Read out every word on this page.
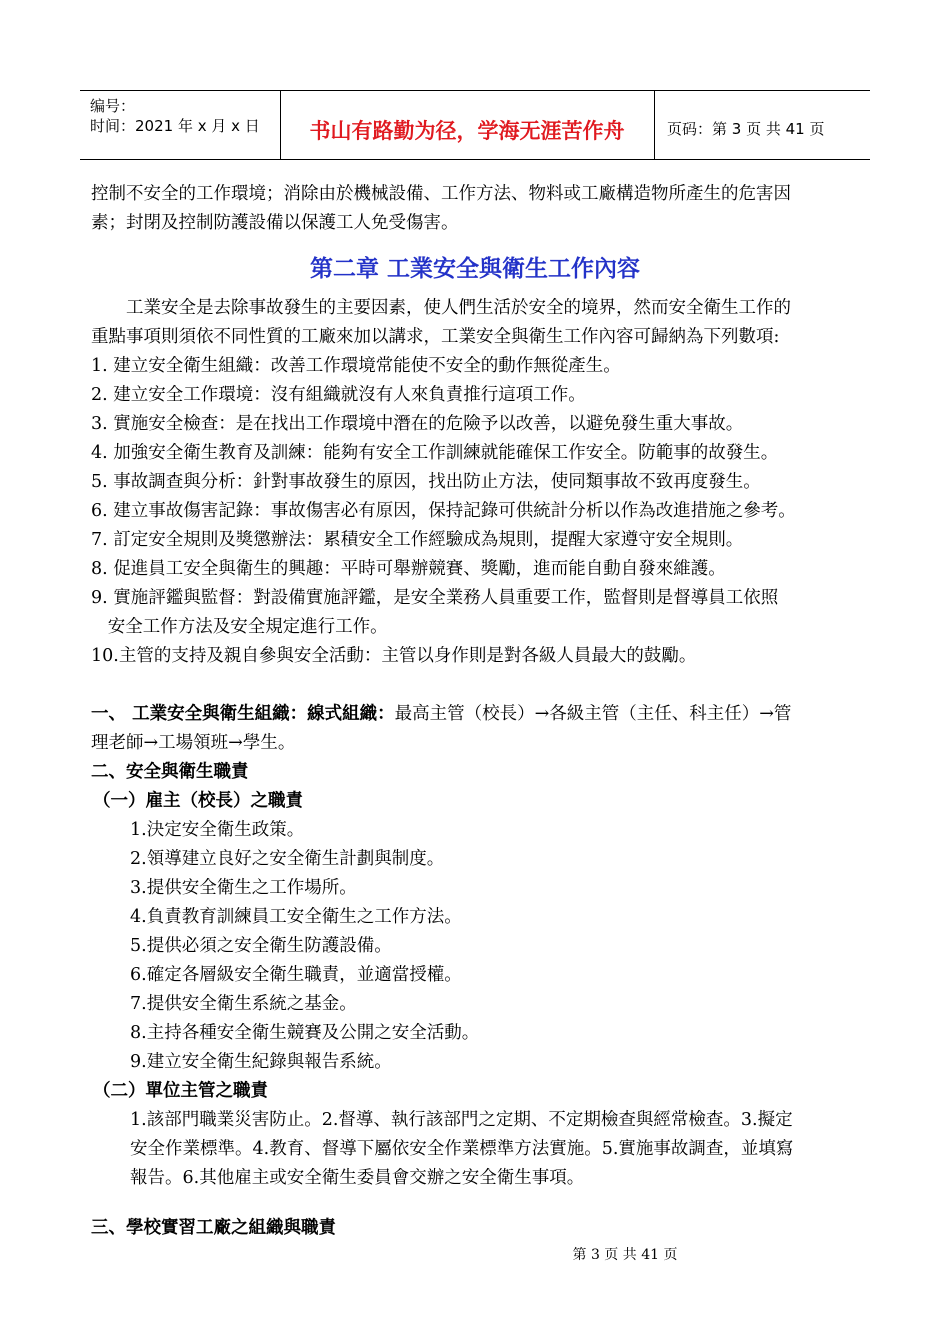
编号：
时间：2021 年 x 月 x 日	书山有路勤为径，学海无涯苦作舟	页码：第 3 页 共 41 页

控制不安全的工作環境；消除由於機械設備、工作方法、物料或工廠構造物所產生的危害因

素；封閉及控制防護設備以保護工人免受傷害。

第二章 工業安全與衛生工作內容

工業安全是去除事故發生的主要因素，使人們生活於安全的境界，然而安全衛生工作的

重點事項則須依不同性質的工廠來加以講求，工業安全與衛生工作內容可歸納為下列數項:

1. 建立安全衛生組織：改善工作環境常能使不安全的動作無從產生。

2. 建立安全工作環境：沒有組織就沒有人來負責推行這項工作。

3. 實施安全檢查：是在找出工作環境中潛在的危險予以改善，以避免發生重大事故。

4. 加強安全衛生教育及訓練：能夠有安全工作訓練就能確保工作安全。防範事的故發生。

5. 事故調查與分析：針對事故發生的原因，找出防止方法，使同類事故不致再度發生。

6. 建立事故傷害記錄：事故傷害必有原因，保持記錄可供統計分析以作為改進措施之參考。

7. 訂定安全規則及獎懲辦法：累積安全工作經驗成為規則，提醒大家遵守安全規則。

8. 促進員工安全與衛生的興趣：平時可舉辦競賽、獎勵，進而能自動自發來維護。

9. 實施評鑑與監督：對設備實施評鑑，是安全業務人員重要工作，監督則是督導員工依照

安全工作方法及安全規定進行工作。

10.主管的支持及親自參與安全活動：主管以身作則是對各級人員最大的鼓勵。

一、 工業安全與衛生組織：線式組織：最高主管（校長）→各級主管（主任、科主任）→管

理老師→工場領班→學生。

二、安全與衛生職責

（一）雇主（校長）之職責

1.決定安全衛生政策。

2.領導建立良好之安全衛生計劃與制度。

3.提供安全衛生之工作場所。

4.負責教育訓練員工安全衛生之工作方法。

5.提供必須之安全衛生防護設備。

6.確定各層級安全衛生職責，並適當授權。

7.提供安全衛生系統之基金。

8.主持各種安全衛生競賽及公開之安全活動。

9.建立安全衛生紀錄與報告系統。

（二）單位主管之職責

1.該部門職業災害防止。2.督導、執行該部門之定期、不定期檢查與經常檢查。3.擬定

安全作業標準。4.教育、督導下屬依安全作業標準方法實施。5.實施事故調查，並填寫

報告。6.其他雇主或安全衛生委員會交辦之安全衛生事項。

三、學校實習工廠之組織與職責

第 3 页 共 41 页
